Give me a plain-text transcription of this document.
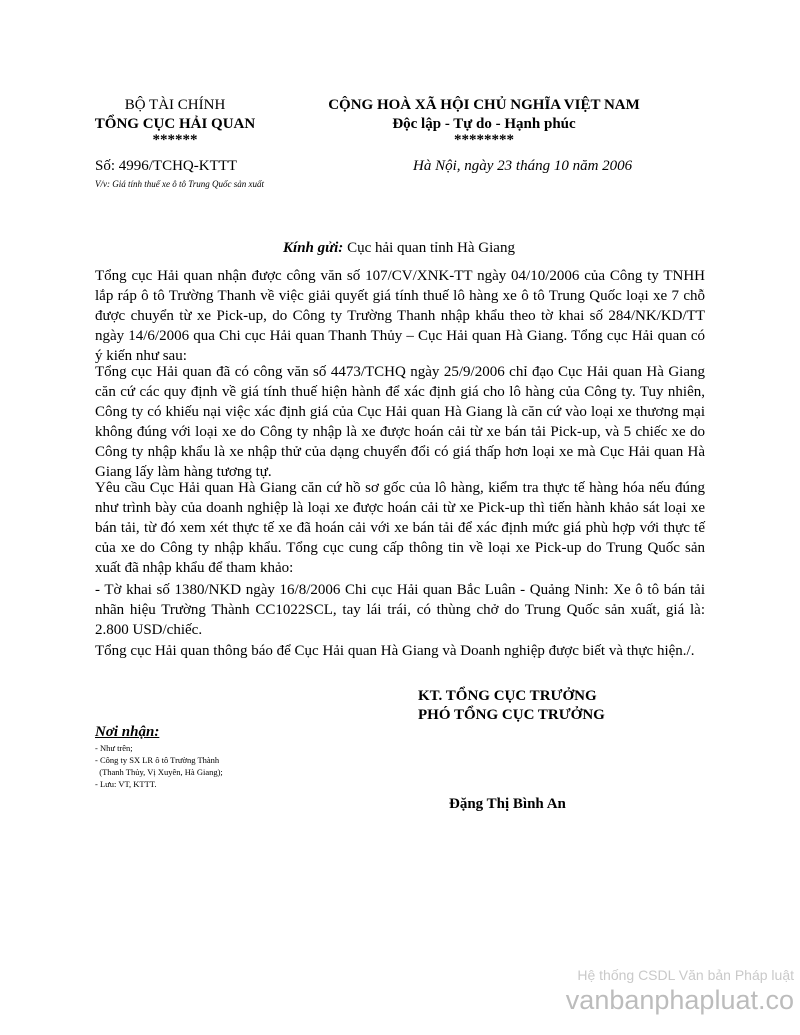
BỘ TÀI CHÍNH
TỔNG CỤC HẢI QUAN
******
CỘNG HOÀ XÃ HỘI CHỦ NGHĨA VIỆT NAM
Độc lập - Tự do - Hạnh phúc
********
Số: 4996/TCHQ-KTTT
V/v: Giá tính thuế xe ô tô Trung Quốc sản xuất
Hà Nội, ngày 23 tháng 10 năm 2006
Kính gửi: Cục hải quan tỉnh Hà Giang

Tổng cục Hải quan nhận được công văn số 107/CV/XNK-TT ngày 04/10/2006 của Công ty TNHH lắp ráp ô tô Trường Thanh về việc giải quyết giá tính thuế lô hàng xe ô tô Trung Quốc loại xe 7 chỗ được chuyển từ xe Pick-up, do Công ty Trường Thanh nhập khẩu theo tờ khai số 284/NK/KD/TT ngày 14/6/2006 qua Chi cục Hải quan Thanh Thủy – Cục Hải quan Hà Giang. Tổng cục Hải quan có ý kiến như sau:

Tổng cục Hải quan đã có công văn số 4473/TCHQ ngày 25/9/2006 chỉ đạo Cục Hải quan Hà Giang căn cứ các quy định về giá tính thuế hiện hành để xác định giá cho lô hàng của Công ty. Tuy nhiên, Công ty có khiếu nại việc xác định giá của Cục Hải quan Hà Giang là căn cứ vào loại xe thương mại không đúng với loại xe do Công ty nhập là xe được hoán cải từ xe bán tải Pick-up, và 5 chiếc xe do Công ty nhập khẩu là xe nhập thử của dạng chuyển đổi có giá thấp hơn loại xe mà Cục Hải quan Hà Giang lấy làm hàng tương tự.

Yêu cầu Cục Hải quan Hà Giang căn cứ hồ sơ gốc của lô hàng, kiểm tra thực tế hàng hóa nếu đúng như trình bày của doanh nghiệp là loại xe được hoán cải từ xe Pick-up thì tiến hành khảo sát loại xe bán tải, từ đó xem xét thực tế xe đã hoán cải với xe bán tải để xác định mức giá phù hợp với thực tế của xe do Công ty nhập khẩu. Tổng cục cung cấp thông tin về loại xe Pick-up do Trung Quốc sản xuất đã nhập khẩu để tham khảo:

- Tờ khai số 1380/NKD ngày 16/8/2006 Chi cục Hải quan Bắc Luân - Quảng Ninh: Xe ô tô bán tải nhãn hiệu Trường Thành CC1022SCL, tay lái trái, có thùng chở do Trung Quốc sản xuất, giá là: 2.800 USD/chiếc.

Tổng cục Hải quan thông báo để Cục Hải quan Hà Giang và Doanh nghiệp được biết và thực hiện./.

KT. TỔNG CỤC TRƯỞNG
PHÓ TỔNG CỤC TRƯỞNG
Nơi nhận:
- Như trên;
- Công ty SX LR ô tô Trường Thành
(Thanh Thủy, Vị Xuyên, Hà Giang);
- Lưu: VT, KTTT.
Đặng Thị Bình An
Hệ thống CSDL Văn bản Pháp luật
vanbanphapluat.co
